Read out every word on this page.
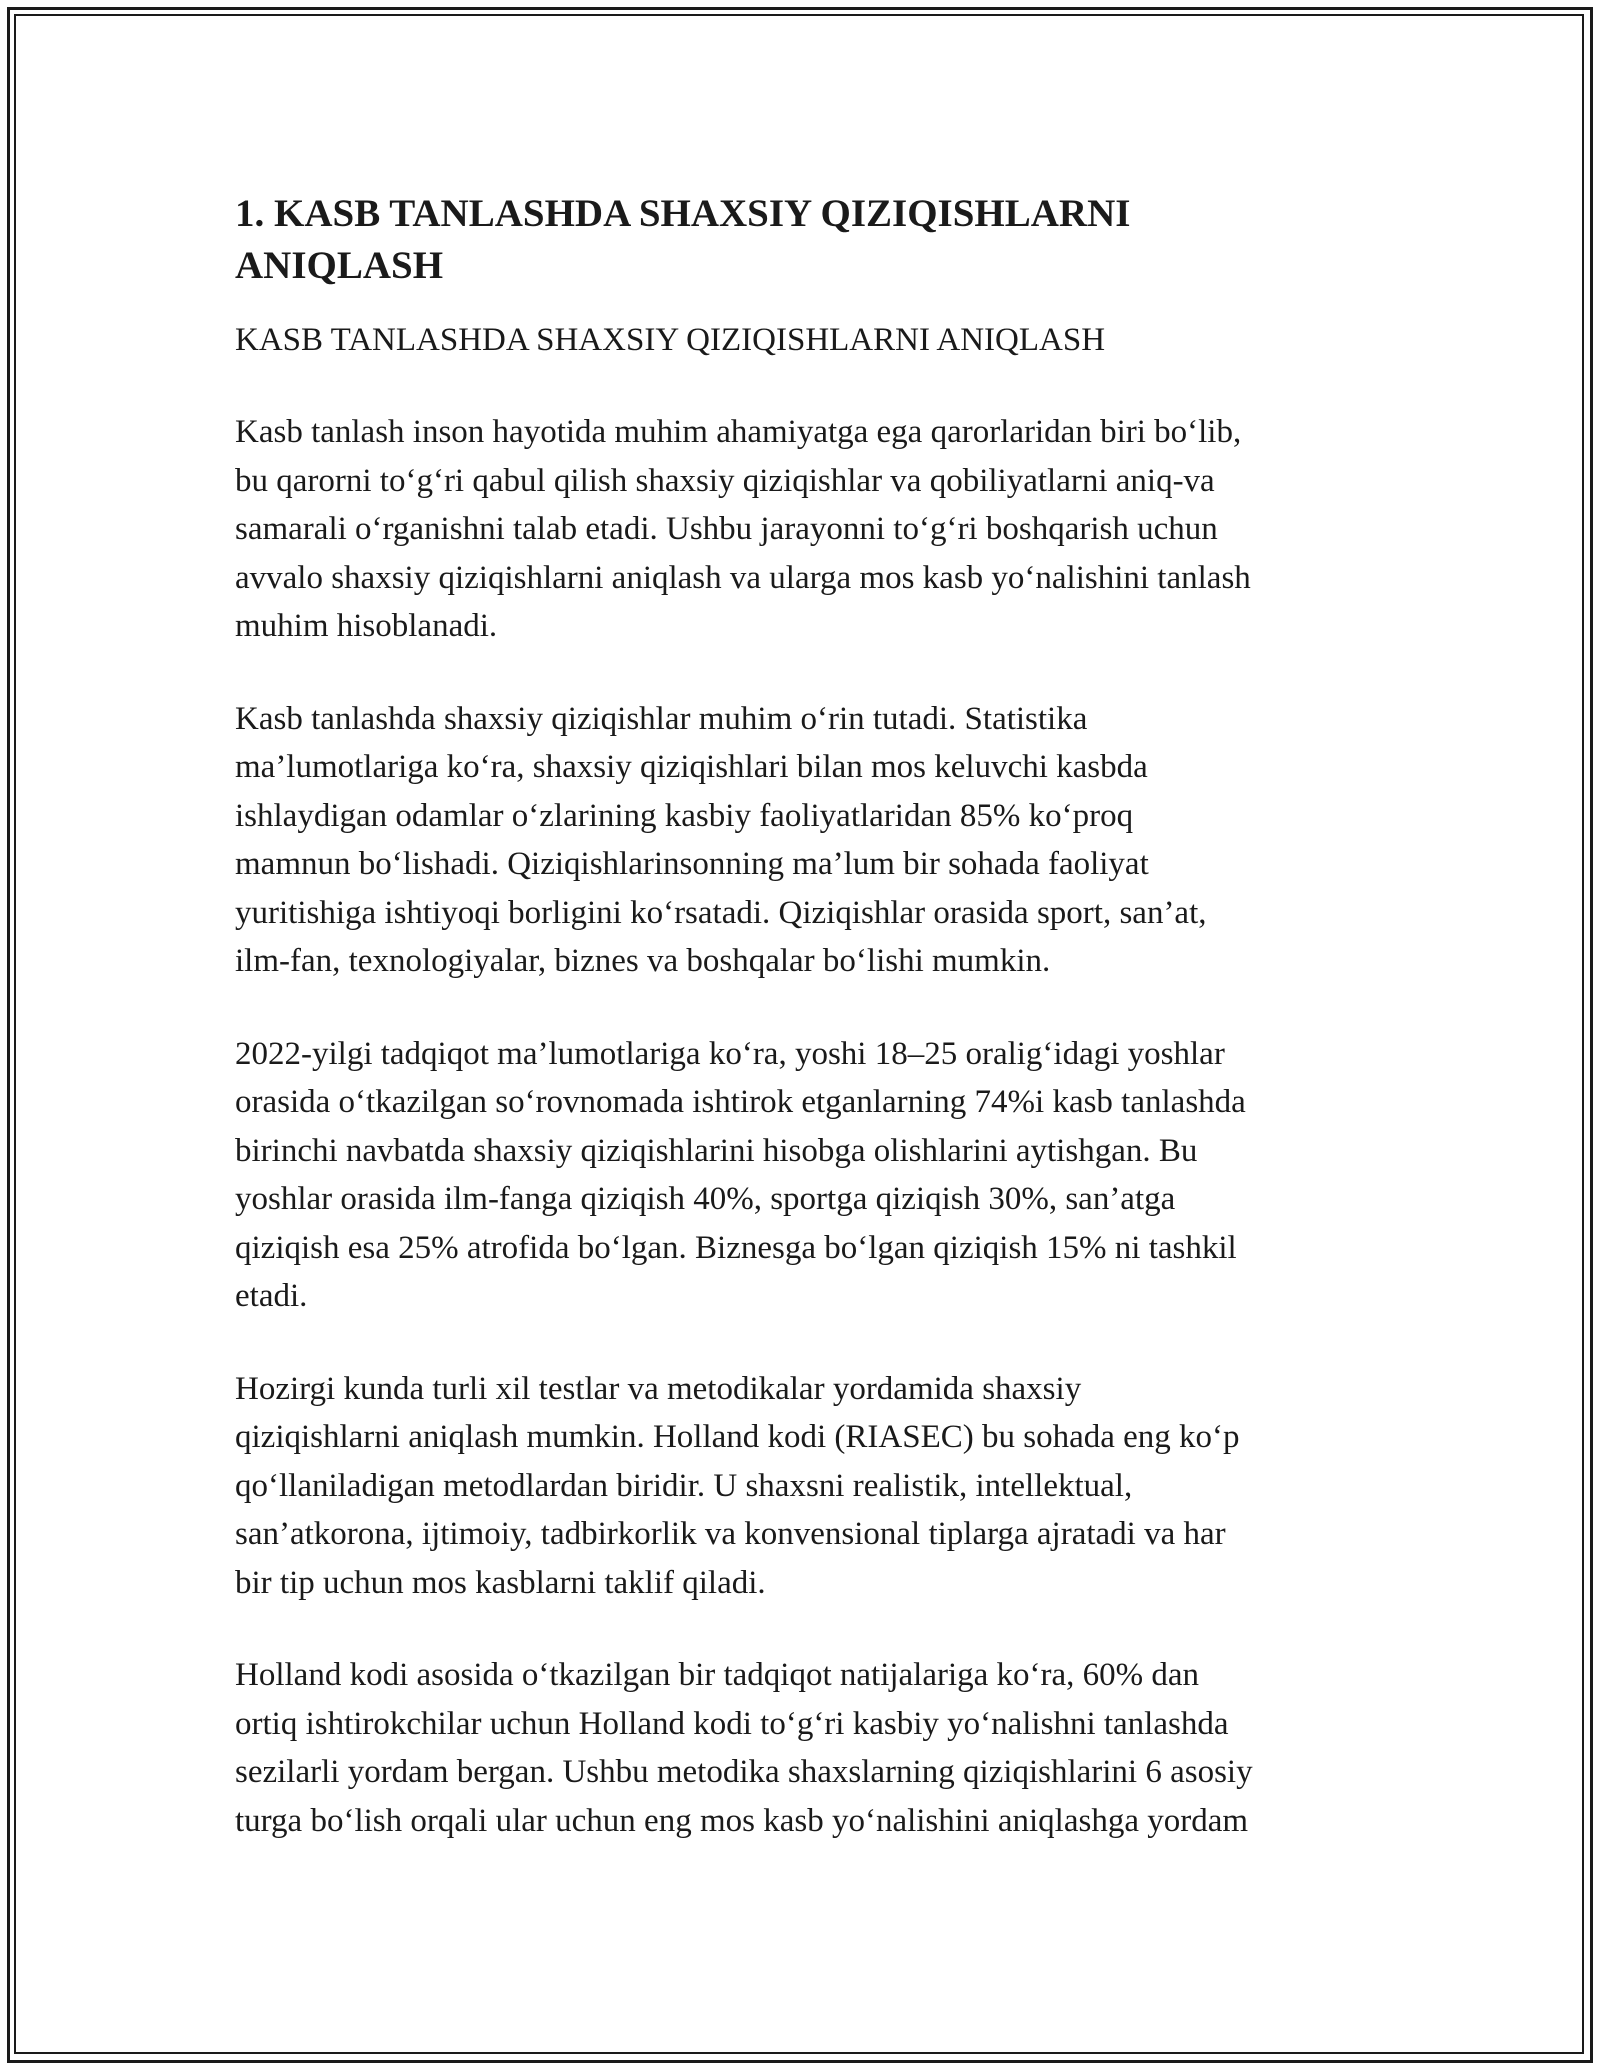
1. KASB TANLASHDA SHAXSIY QIZIQISHLARNI
ANIQLASH
KASB TANLASHDA SHAXSIY QIZIQISHLARNI ANIQLASH

Kasb tanlash inson hayotida muhim ahamiyatga ega qarorlaridan biri bo‘lib,
bu qarorni to‘g‘ri qabul qilish shaxsiy qiziqishlar va qobiliyatlarni aniq-va
samarali o‘rganishni talab etadi. Ushbu jarayonni to‘g‘ri boshqarish uchun
avvalo shaxsiy qiziqishlarni aniqlash va ularga mos kasb yo‘nalishini tanlash
muhim hisoblanadi.

Kasb tanlashda shaxsiy qiziqishlar muhim o‘rin tutadi. Statistika
ma’lumotlariga ko‘ra, shaxsiy qiziqishlari bilan mos keluvchi kasbda
ishlaydigan odamlar o‘zlarining kasbiy faoliyatlaridan 85% ko‘proq
mamnun bo‘lishadi. Qiziqishlarinsonning ma’lum bir sohada faoliyat
yuritishiga ishtiyoqi borligini ko‘rsatadi. Qiziqishlar orasida sport, san’at,
ilm-fan, texnologiyalar, biznes va boshqalar bo‘lishi mumkin.

2022-yilgi tadqiqot ma’lumotlariga ko‘ra, yoshi 18–25 oralig‘idagi yoshlar
orasida o‘tkazilgan so‘rovnomada ishtirok etganlarning 74%i kasb tanlashda
birinchi navbatda shaxsiy qiziqishlarini hisobga olishlarini aytishgan. Bu
yoshlar orasida ilm-fanga qiziqish 40%, sportga qiziqish 30%, san’atga
qiziqish esa 25% atrofida bo‘lgan. Biznesga bo‘lgan qiziqish 15% ni tashkil
etadi.

Hozirgi kunda turli xil testlar va metodikalar yordamida shaxsiy
qiziqishlarni aniqlash mumkin. Holland kodi (RIASEC) bu sohada eng ko‘p
qo‘llaniladigan metodlardan biridir. U shaxsni realistik, intellektual,
san’atkorona, ijtimoiy, tadbirkorlik va konvensional tiplarga ajratadi va har
bir tip uchun mos kasblarni taklif qiladi.

Holland kodi asosida o‘tkazilgan bir tadqiqot natijalariga ko‘ra, 60% dan
ortiq ishtirokchilar uchun Holland kodi to‘g‘ri kasbiy yo‘nalishni tanlashda
sezilarli yordam bergan. Ushbu metodika shaxslarning qiziqishlarini 6 asosiy
turga bo‘lish orqali ular uchun eng mos kasb yo‘nalishini aniqlashga yordam
